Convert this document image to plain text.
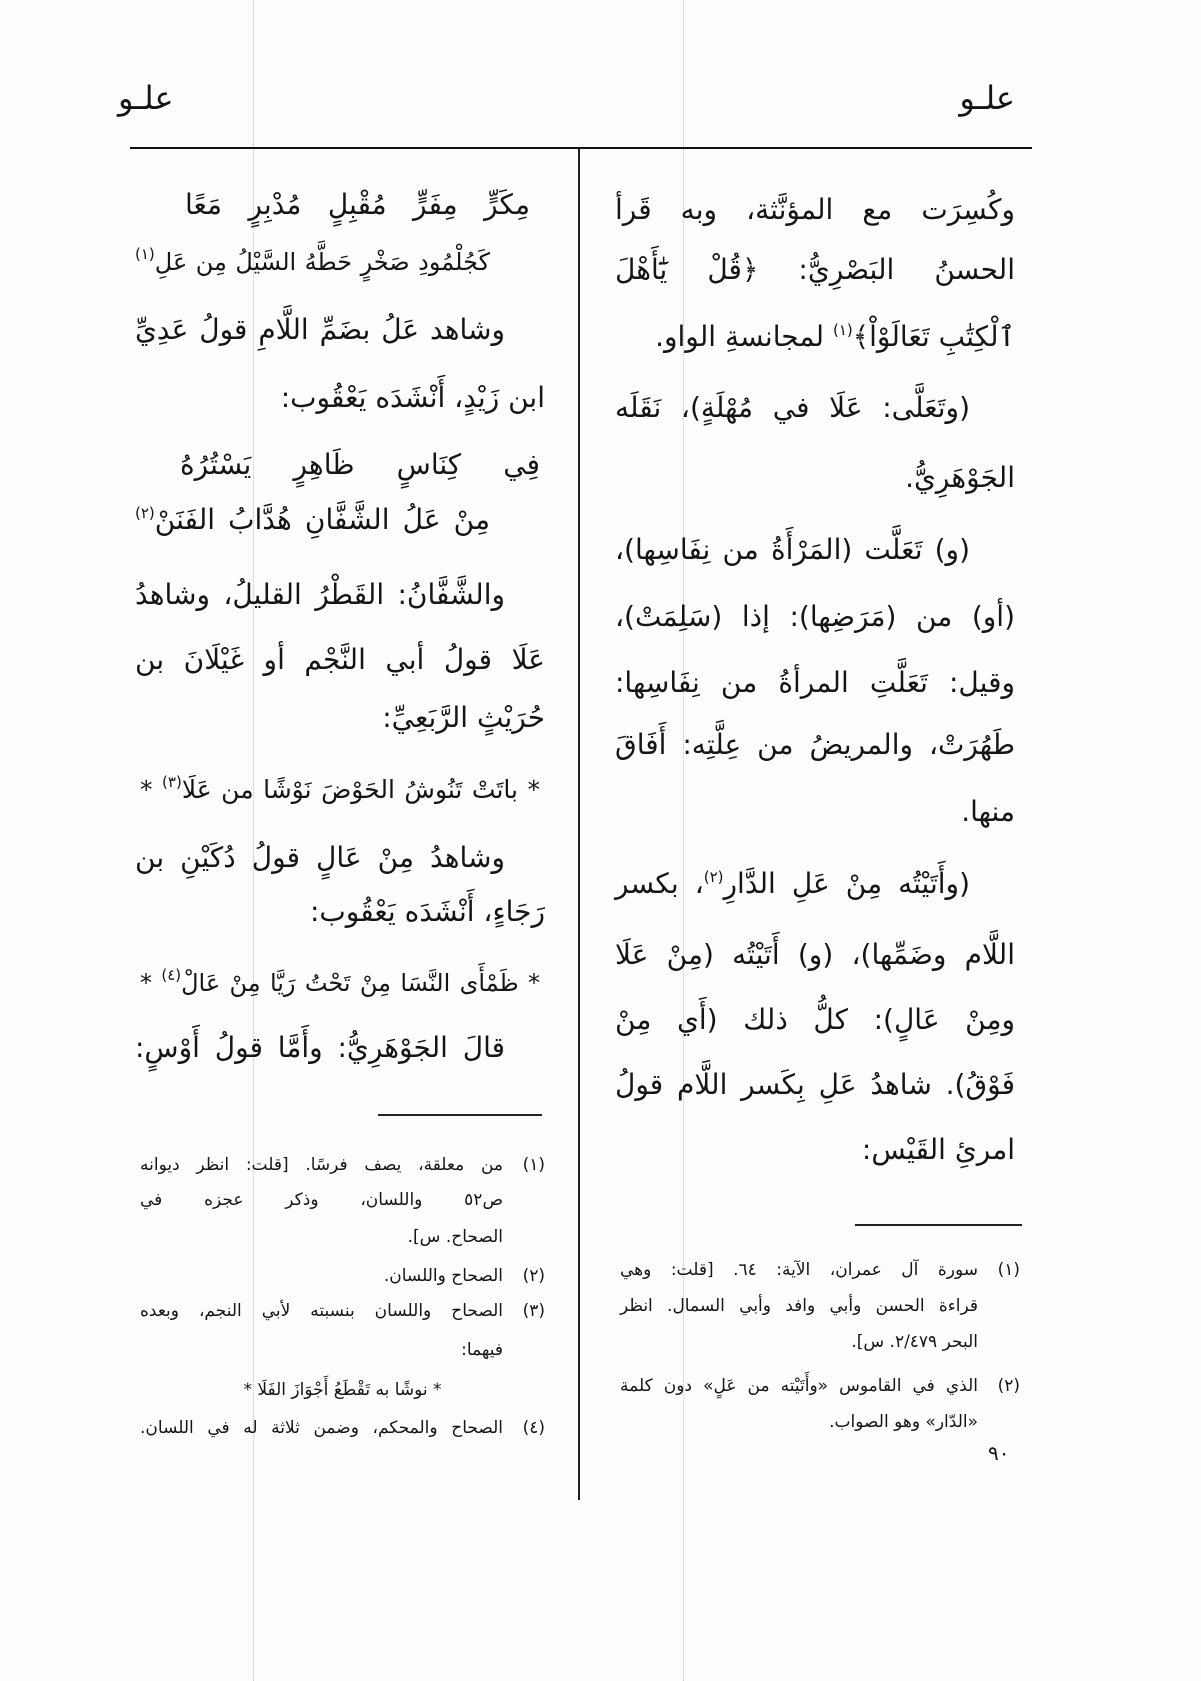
علـو
علـو
وكُسِرَت مع المؤنَّثة، وبه قَرأ
الحسنُ البَصْرِيُّ: ﴿قُلْ يَٰٓأَهْلَ
ٱلْكِتَٰبِ تَعَالَوْاْ﴾$^{(١)}$ لمجانسةِ الواو.
(وتَعَلَّى: عَلَا في مُهْلَةٍ)، نَقَلَه
الجَوْهَرِيُّ.
(و) تَعَلَّت (المَرْأَةُ من نِفَاسِها)،
(أو) من (مَرَضِها): إذا (سَلِمَتْ)،
وقيل: تَعَلَّتِ المرأةُ من نِفَاسِها:
طَهُرَتْ، والمريضُ من عِلَّتِه: أَفَاقَ
منها.
(وأَتَيْتُه مِنْ عَلِ الدَّارِ$^{(٢)}$، بكسر
اللَّام وضَمِّها)، (و) أَتَيْتُه (مِنْ عَلَا
ومِنْ عَالٍ): كلُّ ذلك (أَي مِنْ
فَوْقُ). شاهدُ عَلِ بِكَسر اللَّام قولُ
امرئِ القَيْس:
مِكَرٍّ مِفَرٍّ مُقْبِلٍ مُدْبِرٍ مَعًا
كَجُلْمُودِ صَخْرٍ حَطَّهُ السَّيْلُ مِن عَلِ$^{(١)}$
وشاهد عَلُ بضَمِّ اللَّامِ قولُ عَدِيِّ
ابن زَيْدٍ، أَنْشَدَه يَعْقُوب:
فِي كِنَاسٍ ظَاهِرٍ يَسْتُرُهُ
مِنْ عَلُ الشَّفَّانِ هُدَّابُ الفَنَنْ$^{(٢)}$
والشَّفَّانُ: القَطْرُ القليلُ، وشاهدُ
عَلَا قولُ أبي النَّجْم أو غَيْلَانَ بن
حُرَيْثٍ الرَّبَعِيِّ:
* باتَتْ تَنُوشُ الحَوْضَ نَوْشًا من عَلَا$^{(٣)}$ *
وشاهدُ مِنْ عَالٍ قولُ دُكَيْنِ بن
رَجَاءٍ، أَنْشَدَه يَعْقُوب:
* ظَمْأَى النَّسَا مِنْ تَحْتُ رَيَّا مِنْ عَالْ$^{(٤)}$ *
قالَ الجَوْهَرِيُّ: وأَمَّا قولُ أَوْسٍ:
(١)
سورة آل عمران، الآية: ٦٤. [قلت: وهي
قراءة الحسن وأبي وافد وأبي السمال. انظر
البحر ٢/٤٧٩. س].
(٢)
الذي في القاموس «وأَتَيْته من عَلٍ» دون كلمة
«الدّار» وهو الصواب.
(١)
من معلقة، يصف فرسًا. [قلت: انظر ديوانه
ص٥٢ واللسان، وذكر عجزه في
الصحاح. س].
(٢)
الصحاح واللسان.
(٣)
الصحاح واللسان بنسبته لأبي النجم، وبعده
فيهما:
* نوشًا به تَقْطَعُ أَجْوَازَ الفَلَا *
(٤)
الصحاح والمحكم، وضمن ثلاثة له في اللسان.
٩٠
